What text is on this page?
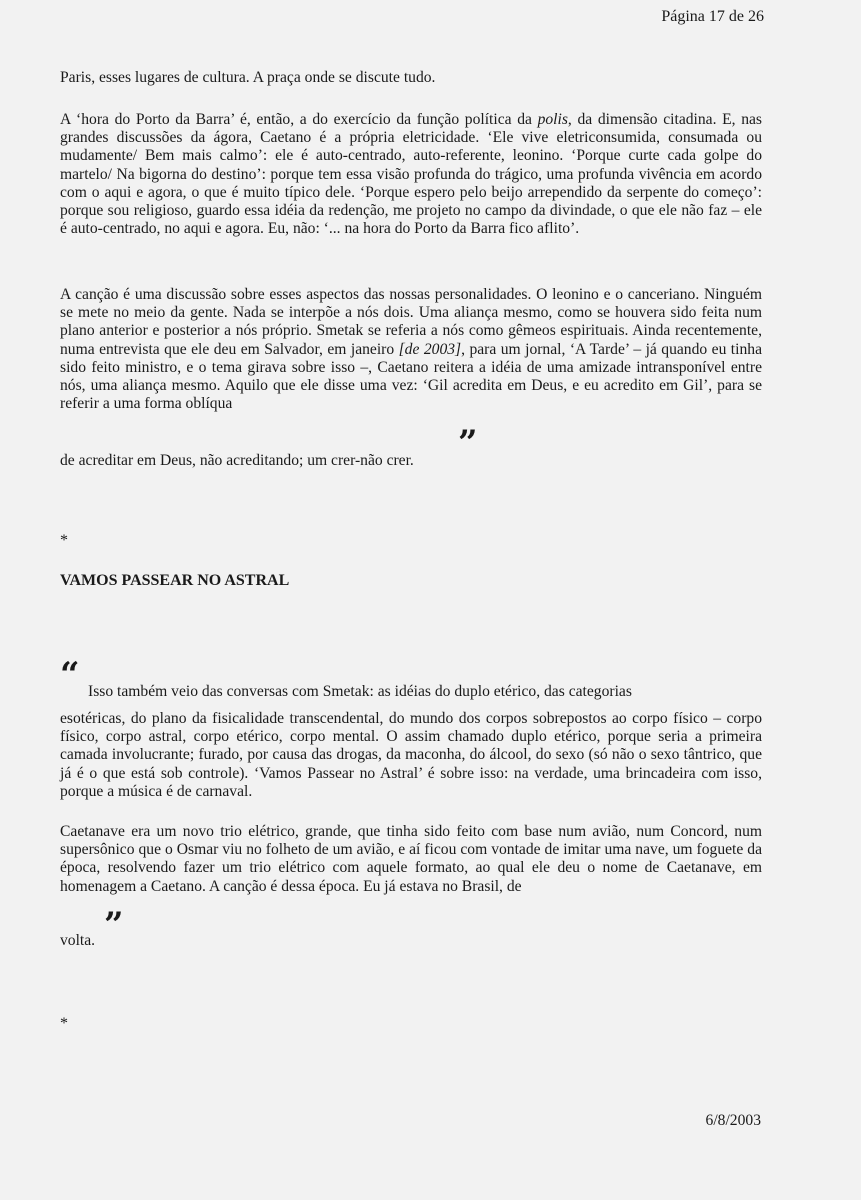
Página 17 de 26

Paris, esses lugares de cultura. A praça onde se discute tudo.

A ‘hora do Porto da Barra’ é, então, a do exercício da função política da polis, da dimensão citadina. E, nas grandes discussões da ágora, Caetano é a própria eletricidade. ‘Ele vive eletriconsumida, consumada ou mudamente/ Bem mais calmo’: ele é auto-centrado, auto-referente, leonino. ‘Porque curte cada golpe do martelo/ Na bigorna do destino’: porque tem essa visão profunda do trágico, uma profunda vivência em acordo com o aqui e agora, o que é muito típico dele. ‘Porque espero pelo beijo arrependido da serpente do começo’: porque sou religioso, guardo essa idéia da redenção, me projeto no campo da divindade, o que ele não faz – ele é auto-centrado, no aqui e agora. Eu, não: ‘... na hora do Porto da Barra fico aflito’.

A canção é uma discussão sobre esses aspectos das nossas personalidades. O leonino e o canceriano. Ninguém se mete no meio da gente. Nada se interpõe a nós dois. Uma aliança mesmo, como se houvera sido feita num plano anterior e posterior a nós próprio. Smetak se referia a nós como gêmeos espirituais. Ainda recentemente, numa entrevista que ele deu em Salvador, em janeiro [de 2003], para um jornal, ‘A Tarde’ – já quando eu tinha sido feito ministro, e o tema girava sobre isso –, Caetano reitera a idéia de uma amizade intransponível entre nós, uma aliança mesmo. Aquilo que ele disse uma vez: ‘Gil acredita em Deus, e eu acredito em Gil’, para se referir a uma forma oblíqua

”
de acreditar em Deus, não acreditando; um crer-não crer.
*
VAMOS PASSEAR NO ASTRAL
“ Isso também veio das conversas com Smetak: as idéias do duplo etérico, das categorias

esotéricas, do plano da fisicalidade transcendental, do mundo dos corpos sobrepostos ao corpo físico – corpo físico, corpo astral, corpo etérico, corpo mental. O assim chamado duplo etérico, porque seria a primeira camada involucrante; furado, por causa das drogas, da maconha, do álcool, do sexo (só não o sexo tântrico, que já é o que está sob controle). ‘Vamos Passear no Astral’ é sobre isso: na verdade, uma brincadeira com isso, porque a música é de carnaval.

Caetanave era um novo trio elétrico, grande, que tinha sido feito com base num avião, num Concord, num supersônico que o Osmar viu no folheto de um avião, e aí ficou com vontade de imitar uma nave, um foguete da época, resolvendo fazer um trio elétrico com aquele formato, ao qual ele deu o nome de Caetanave, em homenagem a Caetano. A canção é dessa época. Eu já estava no Brasil, de

”
volta.
*
6/8/2003
